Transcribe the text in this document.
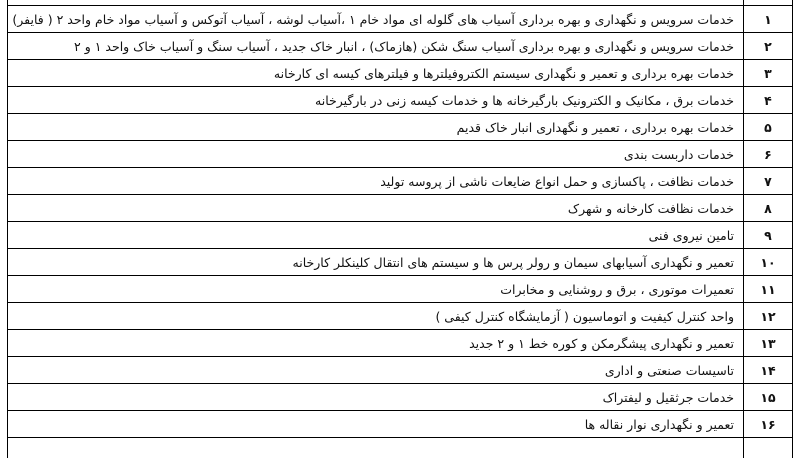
۱	خدمات سرویس و نگهداری و بهره برداری آسیاب های گلوله ای مواد خام ۱ ،آسیاب لوشه ، آسیاب آتوکس و آسیاب مواد خام واحد ۲ ( فایفر)
۲	خدمات سرویس و نگهداری و بهره برداری آسیاب سنگ شکن (هازماک) ، انبار خاک جدید ، آسیاب سنگ و آسیاب خاک واحد ۱ و ۲
۳	خدمات بهره برداری و تعمیر و نگهداری سیستم الکتروفیلترها و فیلترهای کیسه ای کارخانه
۴	خدمات برق ، مکانیک و الکترونیک بارگیرخانه ها و خدمات کیسه زنی در بارگیرخانه
۵	خدمات بهره برداری ، تعمیر و نگهداری انبار خاک قدیم
۶	خدمات داربست بندی
۷	خدمات نظافت ، پاکسازی و حمل انواع ضایعات ناشی از پروسه تولید
۸	خدمات نظافت کارخانه و شهرک
۹	تامین نیروی فنی
۱۰	تعمیر و نگهداری آسیابهای سیمان و رولر پرس ها و سیستم های انتقال کلینکلر کارخانه
۱۱	تعمیرات موتوری ، برق و روشنایی و مخابرات
۱۲	واحد کنترل کیفیت و اتوماسیون ( آزمایشگاه کنترل کیفی )
۱۳	تعمیر و نگهداری پیشگرمکن و کوره خط ۱ و ۲ جدید
۱۴	تاسیسات صنعتی و اداری
۱۵	خدمات جرثقیل و لیفتراک
۱۶	تعمیر و نگهداری نوار نقاله ها
